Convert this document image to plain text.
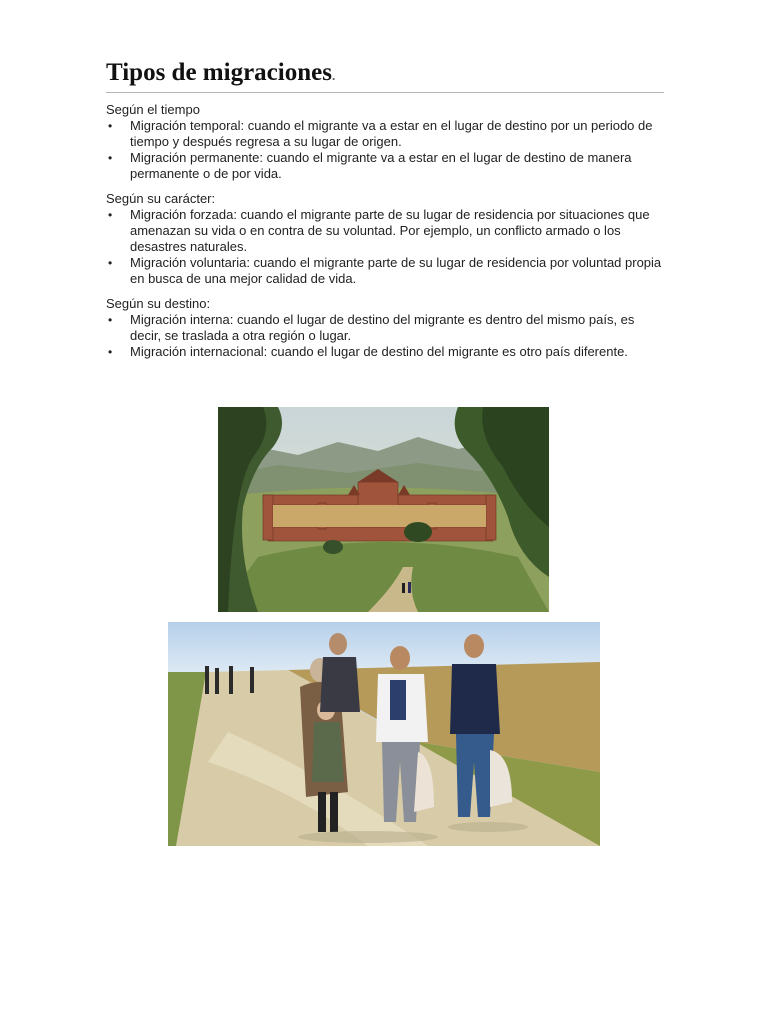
Tipos de migraciones.

Según el tiempo

• Migración temporal: cuando el migrante va a estar en el lugar de destino por un periodo de tiempo y después regresa a su lugar de origen.
• Migración permanente: cuando el migrante va a estar en el lugar de destino de manera permanente o de por vida.

Según su carácter:

• Migración forzada: cuando el migrante parte de su lugar de residencia por situaciones que amenazan su vida o en contra de su voluntad. Por ejemplo, un conflicto armado o los desastres naturales.
• Migración voluntaria: cuando el migrante parte de su lugar de residencia por voluntad propia en busca de una mejor calidad de vida.

Según su destino:

• Migración interna: cuando el lugar de destino del migrante es dentro del mismo país, es decir, se traslada a otra región o lugar.
• Migración internacional: cuando el lugar de destino del migrante es otro país diferente.
